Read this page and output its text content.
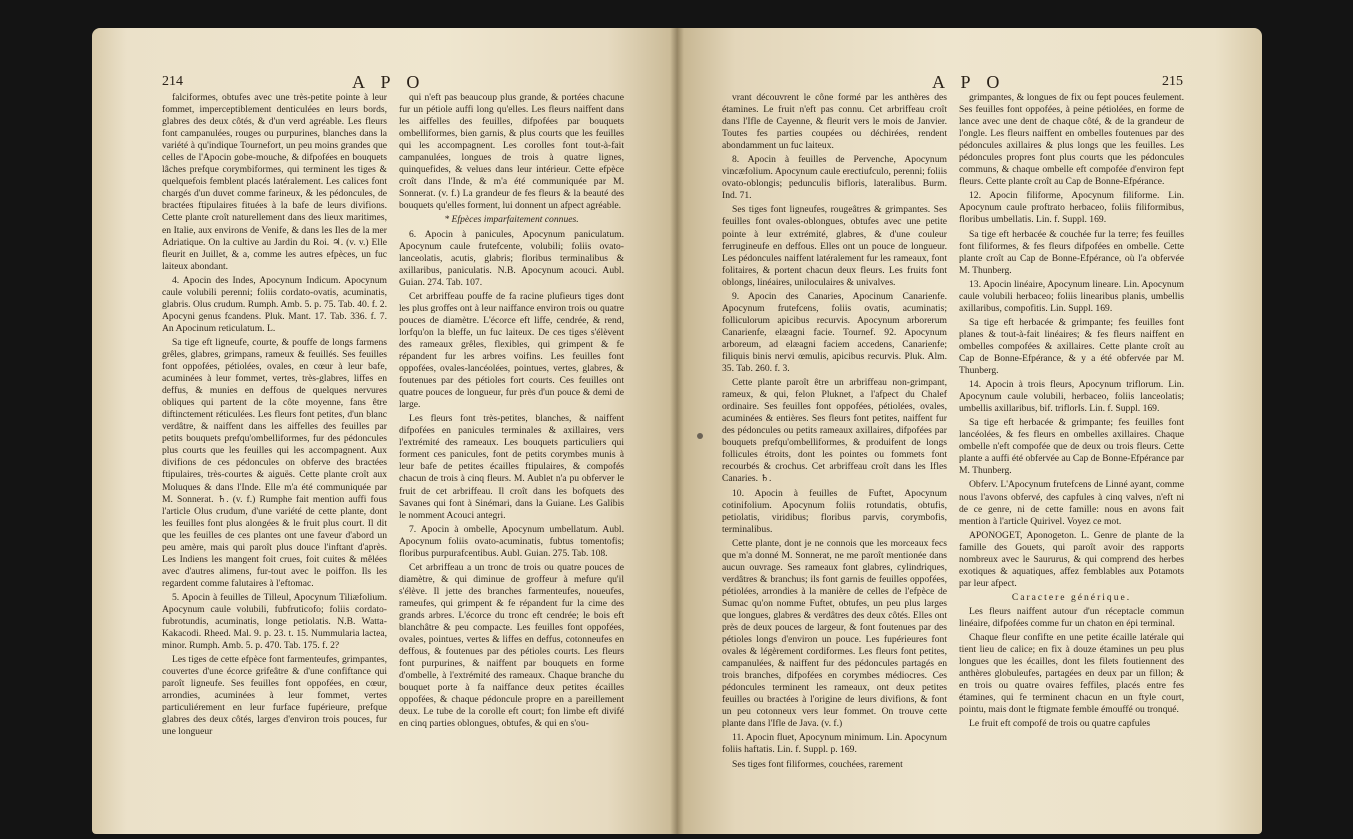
214	A P O

falciformes, obtufes avec une très-petite pointe à leur fommet, imperceptiblement denticulées en leurs bords, glabres des deux côtés, & d'un verd agréable. Les fleurs font campanulées, rouges ou purpurines, blanches dans la variété à qu'indique Tournefort, un peu moins grandes que celles de l'Apocin gobe-mouche, & difpofées en bouquets lâches prefque corymbiformes, qui terminent les tiges & quelquefois femblent placés latéralement. Les calices font chargés d'un duvet comme farineux, & les pédoncules, de bractées ftipulaires fituées à la bafe de leurs divifions. Cette plante croît naturellement dans des lieux maritimes, en Italie, aux environs de Venife, & dans les Iles de la mer Adriatique. On la cultive au Jardin du Roi. ♃. (v. v.) Elle fleurit en Juillet, & a, comme les autres efpèces, un fuc laiteux abondant.

4. Apocin des Indes, Apocynum Indicum. Apocynum caule volubili perenni; foliis cordato-ovatis, acuminatis, glabris. Olus crudum. Rumph. Amb. 5. p. 75. Tab. 40. f. 2. Apocyni genus fcandens. Pluk. Mant. 17. Tab. 336. f. 7. An Apocinum reticulatum. L.

Sa tige eft ligneufe, courte, & pouffe de longs farmens grêles, glabres, grimpans, rameux & feuillés. Ses feuilles font oppofées, pétiolées, ovales, en cœur à leur bafe, acuminées à leur fommet, vertes, très-glabres, liffes en deffus, & munies en deffous de quelques nervures obliques qui partent de la côte moyenne, fans être diftinctement réticulées. Les fleurs font petites, d'un blanc verdâtre, & naiffent dans les aiffelles des feuilles par petits bouquets prefqu'ombelliformes, fur des pédoncules plus courts que les feuilles qui les accompagnent. Aux divifions de ces pédoncules on obferve des bractées ftipulaires, très-courtes & aiguës. Cette plante croît aux Moluques & dans l'Inde. Elle m'a été communiquée par M. Sonnerat. ♄. (v. f.) Rumphe fait mention auffi fous l'article Olus crudum, d'une variété de cette plante, dont les feuilles font plus alongées & le fruit plus court. Il dit que les feuilles de ces plantes ont une faveur d'abord un peu amère, mais qui paroît plus douce l'inftant d'après. Les Indiens les mangent foit crues, foit cuites & mêlées avec d'autres alimens, fur-tout avec le poiffon. Ils les regardent comme falutaires à l'eftomac.

5. Apocin à feuilles de Tilleul, Apocynum Tiliæfolium. Apocynum caule volubili, fubfruticofo; foliis cordato-fubrotundis, acuminatis, longe petiolatis. N.B. Watta-Kakacodi. Rheed. Mal. 9. p. 23. t. 15. Nummularia lactea, minor. Rumph. Amb. 5. p. 470. Tab. 175. f. 2?

Les tiges de cette efpèce font farmenteufes, grimpantes, couvertes d'une écorce grifeâtre & d'une confiftance qui paroît ligneufe. Ses feuilles font oppofées, en cœur, arrondies, acuminées à leur fommet, vertes particuliérement en leur furface fupérieure, prefque glabres des deux côtés, larges d'environ trois pouces, fur une longueur

qui n'eft pas beaucoup plus grande, & portées chacune fur un pétiole auffi long qu'elles. Les fleurs naiffent dans les aiffelles des feuilles, difpofées par bouquets ombelliformes, bien garnis, & plus courts que les feuilles qui les accompagnent. Les corolles font tout-à-fait campanulées, longues de trois à quatre lignes, quinquefides, & velues dans leur intérieur. Cette efpèce croît dans l'Inde, & m'a été communiquée par M. Sonnerat. (v. f.) La grandeur de fes fleurs & la beauté des bouquets qu'elles forment, lui donnent un afpect agréable.

* Efpèces imparfaitement connues.

6. Apocin à panicules, Apocynum paniculatum. Apocynum caule frutefcente, volubili; foliis ovato-lanceolatis, acutis, glabris; floribus terminalibus & axillaribus, paniculatis. N.B. Apocynum acouci. Aubl. Guian. 274. Tab. 107.

Cet arbriffeau pouffe de fa racine plufieurs tiges dont les plus groffes ont à leur naiffance environ trois ou quatre pouces de diamètre. L'écorce eft liffe, cendrée, & rend, lorfqu'on la bleffe, un fuc laiteux. De ces tiges s'élèvent des rameaux grêles, flexibles, qui grimpent & fe répandent fur les arbres voifins. Les feuilles font oppofées, ovales-lancéolées, pointues, vertes, glabres, & foutenues par des pétioles fort courts. Ces feuilles ont quatre pouces de longueur, fur près d'un pouce & demi de large.

Les fleurs font très-petites, blanches, & naiffent difpofées en panicules terminales & axillaires, vers l'extrémité des rameaux. Les bouquets particuliers qui forment ces panicules, font de petits corymbes munis à leur bafe de petites écailles ftipulaires, & compofés chacun de trois à cinq fleurs. M. Aublet n'a pu obferver le fruit de cet arbriffeau. Il croît dans les bofquets des Savanes qui font à Sinémari, dans la Guiane. Les Galibis le nomment Acouci antegri.

7. Apocin à ombelle, Apocynum umbellatum. Aubl. Apocynum foliis ovato-acuminatis, fubtus tomentofis; floribus purpurafcentibus. Aubl. Guian. 275. Tab. 108.

Cet arbriffeau a un tronc de trois ou quatre pouces de diamètre, & qui diminue de groffeur à mefure qu'il s'élève. Il jette des branches farmenteufes, noueufes, rameufes, qui grimpent & fe répandent fur la cime des grands arbres. L'écorce du tronc eft cendrée; le bois eft blanchâtre & peu compacte. Les feuilles font oppofées, ovales, pointues, vertes & liffes en deffus, cotonneufes en deffous, & foutenues par des pétioles courts. Les fleurs font purpurines, & naiffent par bouquets en forme d'ombelle, à l'extrémité des rameaux. Chaque branche du bouquet porte à fa naiffance deux petites écailles oppofées, & chaque pédoncule propre en a pareillement deux. Le tube de la corolle eft court; fon limbe eft divifé en cinq parties oblongues, obtufes, & qui en s'ou-

A P O	215

vrant découvrent le cône formé par les anthères des étamines. Le fruit n'eft pas connu. Cet arbriffeau croît dans l'Ifle de Cayenne, & fleurit vers le mois de Janvier. Toutes fes parties coupées ou déchirées, rendent abondamment un fuc laiteux.

8. Apocin à feuilles de Pervenche, Apocynum vincæfolium. Apocynum caule erectiufculo, perenni; foliis ovato-oblongis; pedunculis bifloris, lateralibus. Burm. Ind. 71.

Ses tiges font ligneufes, rougeâtres & grimpantes. Ses feuilles font ovales-oblongues, obtufes avec une petite pointe à leur extrémité, glabres, & d'une couleur ferrugineufe en deffous. Elles ont un pouce de longueur. Les pédoncules naiffent latéralement fur les rameaux, font folitaires, & portent chacun deux fleurs. Les fruits font oblongs, linéaires, uniloculaires & univalves.

9. Apocin des Canaries, Apocinum Canarienfe. Apocynum frutefcens, foliis ovatis, acuminatis; folliculorum apicibus recurvis. Apocynum arborerum Canarienfe, elæagni facie. Tournef. 92. Apocynum arboreum, ad elæagni faciem accedens, Canarienfe; filiquis binis nervi œmulis, apicibus recurvis. Pluk. Alm. 35. Tab. 260. f. 3.

Cette plante paroît être un arbriffeau non-grimpant, rameux, & qui, felon Pluknet, a l'afpect du Chalef ordinaire. Ses feuilles font oppofées, pétiolées, ovales, acuminées & entières. Ses fleurs font petites, naiffent fur des pédoncules ou petits rameaux axillaires, difpofées par bouquets prefqu'ombelliformes, & produifent de longs follicules étroits, dont les pointes ou fommets font recourbés & crochus. Cet arbriffeau croît dans les Ifles Canaries. ♄.

10. Apocin à feuilles de Fuftet, Apocynum cotinifolium. Apocynum foliis rotundatis, obtufis, petiolatis, viridibus; floribus parvis, corymbofis, terminalibus.

Cette plante, dont je ne connois que les morceaux fecs que m'a donné M. Sonnerat, ne me paroît mentionée dans aucun ouvrage. Ses rameaux font glabres, cylindriques, verdâtres & branchus; ils font garnis de feuilles oppofées, pétiolées, arrondies à la manière de celles de l'efpèce de Sumac qu'on nomme Fuftet, obtufes, un peu plus larges que longues, glabres & verdâtres des deux côtés. Elles ont près de deux pouces de largeur, & font foutenues par des pétioles longs d'environ un pouce. Les fupérieures font ovales & légèrement cordiformes. Les fleurs font petites, campanulées, & naiffent fur des pédoncules partagés en trois branches, difpofées en corymbes médiocres. Ces pédoncules terminent les rameaux, ont deux petites feuilles ou bractées à l'origine de leurs divifions, & font un peu cotonneux vers leur fommet. On trouve cette plante dans l'Ifle de Java. (v. f.)

11. Apocin fluet, Apocynum minimum. Lin. Apocynum foliis haftatis. Lin. f. Suppl. p. 169.

Ses tiges font filiformes, couchées, rarement

grimpantes, & longues de fix ou fept pouces feulement. Ses feuilles font oppofées, à peine pétiolées, en forme de lance avec une dent de chaque côté, & de la grandeur de l'ongle. Les fleurs naiffent en ombelles foutenues par des pédoncules axillaires & plus longs que les feuilles. Les pédoncules propres font plus courts que les pédoncules communs, & chaque ombelle eft compofée d'environ fept fleurs. Cette plante croît au Cap de Bonne-Efpérance.

12. Apocin filiforme, Apocynum filiforme. Lin. Apocynum caule proftrato herbaceo, foliis filiformibus, floribus umbellatis. Lin. f. Suppl. 169.

Sa tige eft herbacée & couchée fur la terre; fes feuilles font filiformes, & fes fleurs difpofées en ombelle. Cette plante croît au Cap de Bonne-Efpérance, où l'a obfervée M. Thunberg.

13. Apocin linéaire, Apocynum lineare. Lin. Apocynum caule volubili herbaceo; foliis linearibus planis, umbellis axillaribus, compofitis. Lin. Suppl. 169.

Sa tige eft herbacée & grimpante; fes feuilles font planes & tout-à-fait linéaires; & fes fleurs naiffent en ombelles compofées & axillaires. Cette plante croît au Cap de Bonne-Efpérance, & y a été obfervée par M. Thunberg.

14. Apocin à trois fleurs, Apocynum triflorum. Lin. Apocynum caule volubili, herbaceo, foliis lanceolatis; umbellis axillaribus, bif. triflorIs. Lin. f. Suppl. 169.

Sa tige eft herbacée & grimpante; fes feuilles font lancéolées, & fes fleurs en ombelles axillaires. Chaque ombelle n'eft compofée que de deux ou trois fleurs. Cette plante a auffi été obfervée au Cap de Bonne-Efpérance par M. Thunberg.

Obferv. L'Apocynum frutefcens de Linné ayant, comme nous l'avons obfervé, des capfules à cinq valves, n'eft ni de ce genre, ni de cette famille: nous en avons fait mention à l'article Quirivel. Voyez ce mot.

APONOGET, Aponogeton. L. Genre de plante de la famille des Gouets, qui paroît avoir des rapports nombreux avec le Saururus, & qui comprend des herbes exotiques & aquatiques, affez femblables aux Potamots par leur afpect.

Caractere générique.

Les fleurs naiffent autour d'un réceptacle commun linéaire, difpofées comme fur un chaton en épi terminal.

Chaque fleur confifte en une petite écaille latérale qui tient lieu de calice; en fix à douze étamines un peu plus longues que les écailles, dont les filets foutiennent des anthères globuleufes, partagées en deux par un fillon; & en trois ou quatre ovaires feffiles, placés entre fes étamines, qui fe terminent chacun en un ftyle court, pointu, mais dont le ftigmate femble émouffé ou tronqué.

Le fruit eft compofé de trois ou quatre capfules
